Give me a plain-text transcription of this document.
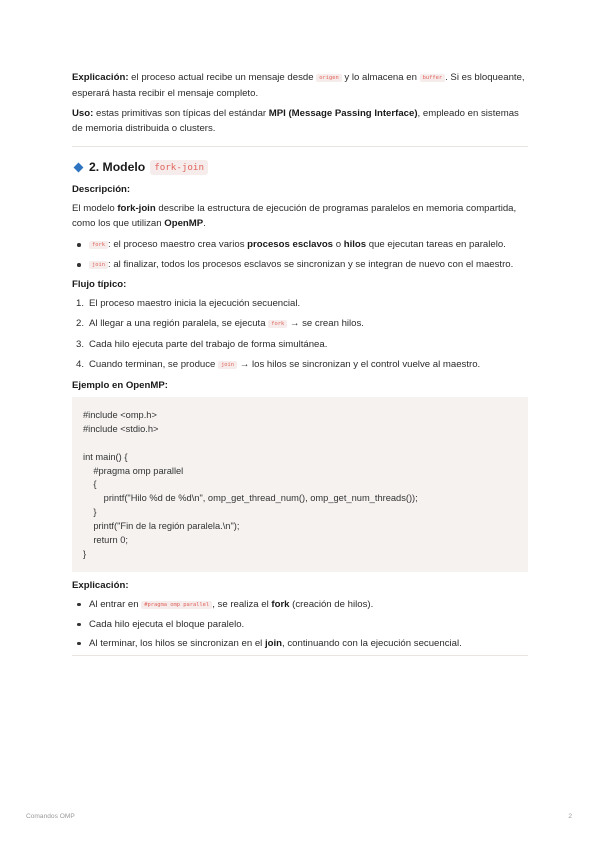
Explicación: el proceso actual recibe un mensaje desde origen y lo almacena en buffer . Si es bloqueante, esperará hasta recibir el mensaje completo.

Uso: estas primitivas son típicas del estándar MPI (Message Passing Interface), empleado en sistemas de memoria distribuida o clusters.

2. Modelo fork-join
Descripción:

El modelo fork-join describe la estructura de ejecución de programas paralelos en memoria compartida, como los que utilizan OpenMP.

fork : el proceso maestro crea varios procesos esclavos o hilos que ejecutan tareas en paralelo.
join : al finalizar, todos los procesos esclavos se sincronizan y se integran de nuevo con el maestro.
Flujo típico:
1. El proceso maestro inicia la ejecución secuencial.
2. Al llegar a una región paralela, se ejecuta fork → se crean hilos.
3. Cada hilo ejecuta parte del trabajo de forma simultánea.
4. Cuando terminan, se produce join → los hilos se sincronizan y el control vuelve al maestro.
Ejemplo en OpenMP:
#include <omp.h>
#include <stdio.h>
int main() {
#pragma omp parallel
{
printf("Hilo %d de %d\n", omp_get_thread_num(), omp_get_num_threads());
}
printf("Fin de la región paralela.\n");
return 0;
}
Explicación:
Al entrar en #pragma omp parallel , se realiza el fork (creación de hilos).
Cada hilo ejecuta el bloque paralelo.
Al terminar, los hilos se sincronizan en el join, continuando con la ejecución secuencial.
Comandos OMP	2
